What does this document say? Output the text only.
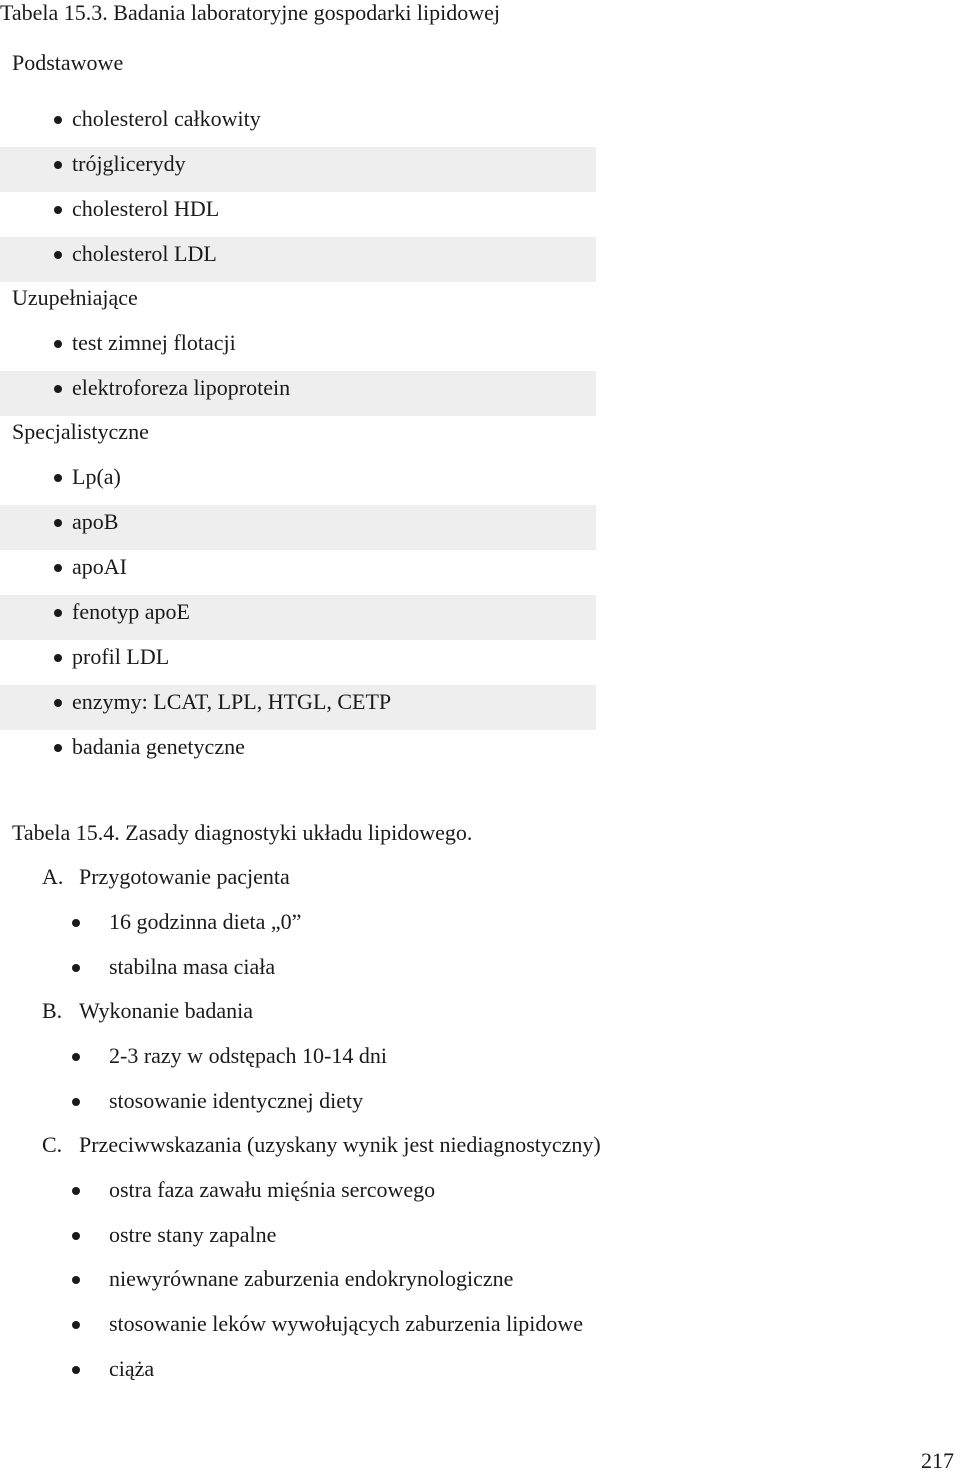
Tabela 15.3. Badania laboratoryjne gospodarki lipidowej
Podstawowe
cholesterol całkowity
trójglicerydy
cholesterol HDL
cholesterol LDL
Uzupełniające
test zimnej flotacji
elektroforeza lipoprotein
Specjalistyczne
Lp(a)
apoB
apoAI
fenotyp apoE
profil LDL
enzymy: LCAT, LPL, HTGL, CETP
badania genetyczne
Tabela 15.4. Zasady diagnostyki układu lipidowego.
A. Przygotowanie pacjenta
16 godzinna dieta „0”
stabilna masa ciała
B. Wykonanie badania
2-3 razy w odstępach 10-14 dni
stosowanie identycznej diety
C. Przeciwwskazania (uzyskany wynik jest niediagnostyczny)
ostra faza zawału mięśnia sercowego
ostre stany zapalne
niewyrównane zaburzenia endokrynologiczne
stosowanie leków wywołujących zaburzenia lipidowe
ciąża
217
